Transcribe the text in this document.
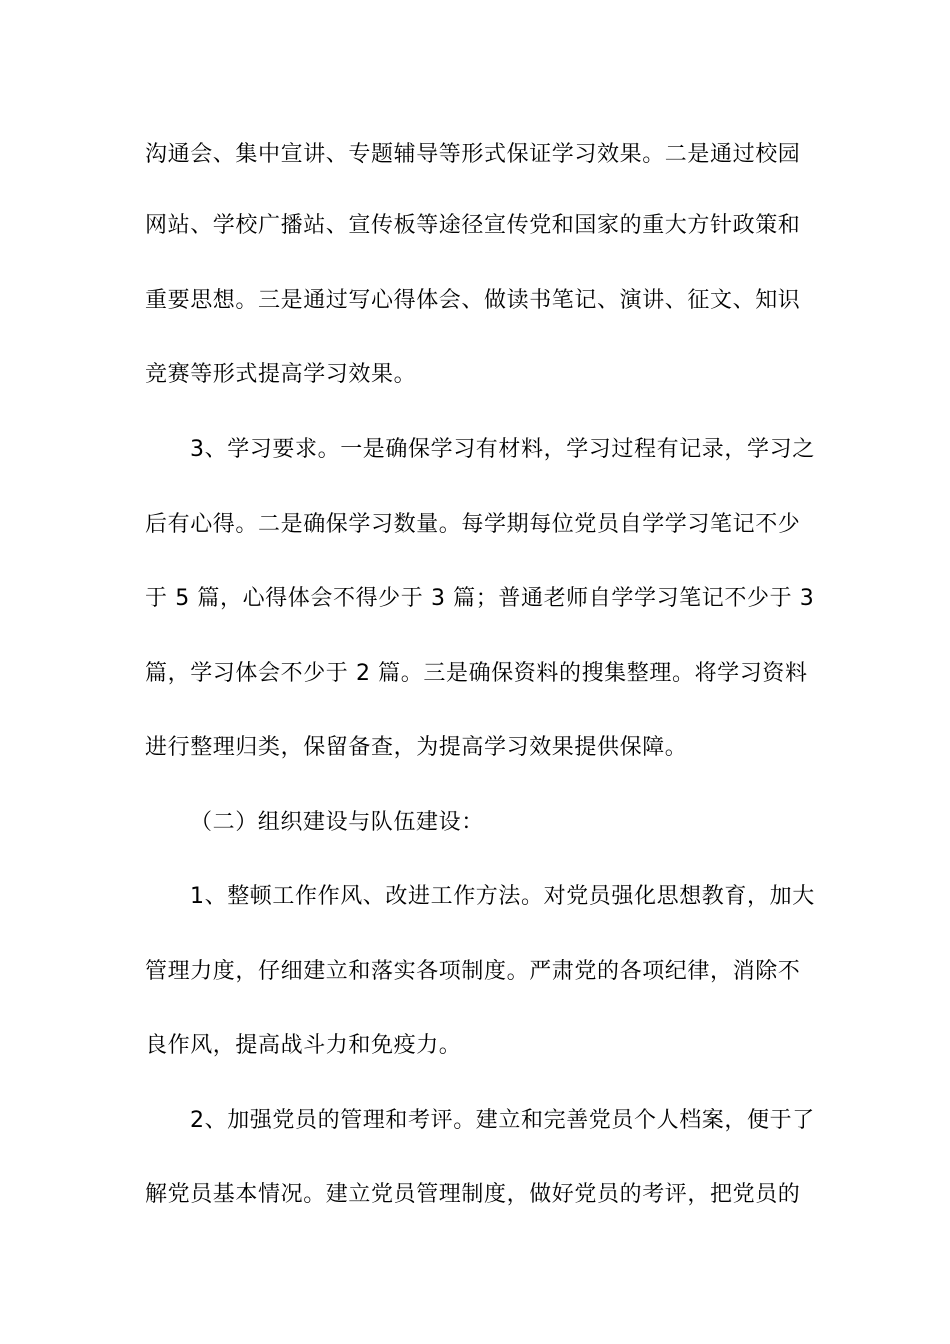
沟通会、集中宣讲、专题辅导等形式保证学习效果。二是通过校园
网站、学校广播站、宣传板等途径宣传党和国家的重大方针政策和
重要思想。三是通过写心得体会、做读书笔记、演讲、征文、知识
竞赛等形式提高学习效果。
3、学习要求。一是确保学习有材料，学习过程有记录，学习之
后有心得。二是确保学习数量。每学期每位党员自学学习笔记不少
于 5 篇，心得体会不得少于 3 篇；普通老师自学学习笔记不少于 3
篇，学习体会不少于 2 篇。三是确保资料的搜集整理。将学习资料
进行整理归类，保留备查，为提高学习效果提供保障。
（二）组织建设与队伍建设：
1、整顿工作作风、改进工作方法。对党员强化思想教育，加大
管理力度，仔细建立和落实各项制度。严肃党的各项纪律，消除不
良作风，提高战斗力和免疫力。
2、加强党员的管理和考评。建立和完善党员个人档案，便于了
解党员基本情况。建立党员管理制度，做好党员的考评，把党员的
